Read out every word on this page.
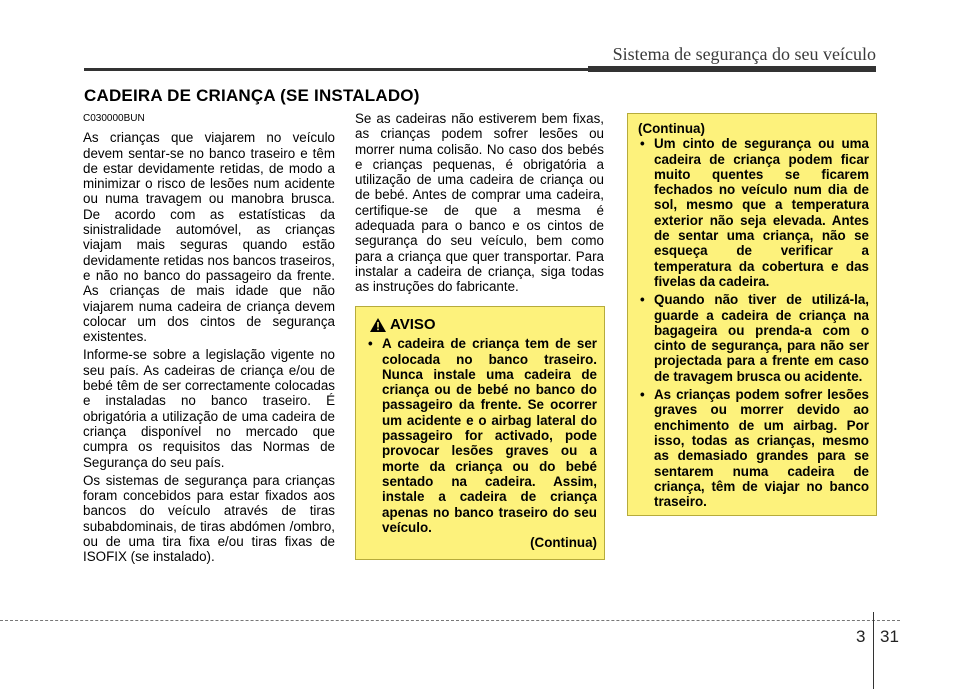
Sistema de segurança do seu veículo
CADEIRA DE CRIANÇA (SE INSTALADO)
C030000BUN

As crianças que viajarem no veículo devem sentar-se no banco traseiro e têm de estar devidamente retidas, de modo a minimizar o risco de lesões num acidente ou numa travagem ou manobra brusca. De acordo com as estatísticas da sinistralidade automóvel, as crianças viajam mais seguras quando estão devidamente retidas nos bancos traseiros, e não no banco do passageiro da frente. As crianças de mais idade que não viajarem numa cadeira de criança devem colocar um dos cintos de segurança existentes.

Informe-se sobre a legislação vigente no seu país. As cadeiras de criança e/ou de bebé têm de ser correctamente colocadas e instaladas no banco traseiro. É obrigatória a utilização de uma cadeira de criança disponível no mercado que cumpra os requisitos das Normas de Segurança do seu país.

Os sistemas de segurança para crianças foram concebidos para estar fixados aos bancos do veículo através de tiras subabdominais, de tiras abdómen /ombro, ou de uma tira fixa e/ou tiras fixas de ISOFIX (se instalado).

Se as cadeiras não estiverem bem fixas, as crianças podem sofrer lesões ou morrer numa colisão. No caso dos bebés e crianças pequenas, é obrigatória a utilização de uma cadeira de criança ou de bebé. Antes de comprar uma cadeira, certifique-se de que a mesma é adequada para o banco e os cintos de segurança do seu veículo, bem como para a criança que quer transportar. Para instalar a cadeira de criança, siga todas as instruções do fabricante.

AVISO
• A cadeira de criança tem de ser colocada no banco traseiro. Nunca instale uma cadeira de criança ou de bebé no banco do passageiro da frente. Se ocorrer um acidente e o airbag lateral do passageiro for activado, pode provocar lesões graves ou a morte da criança ou do bebé sentado na cadeira. Assim, instale a cadeira de criança apenas no banco traseiro do seu veículo.
(Continua)
(Continua)
• Um cinto de segurança ou uma cadeira de criança podem ficar muito quentes se ficarem fechados no veículo num dia de sol, mesmo que a temperatura exterior não seja elevada. Antes de sentar uma criança, não se esqueça de verificar a temperatura da cobertura e das fivelas da cadeira.
• Quando não tiver de utilizá-la, guarde a cadeira de criança na bagageira ou prenda-a com o cinto de segurança, para não ser projectada para a frente em caso de travagem brusca ou acidente.
• As crianças podem sofrer lesões graves ou morrer devido ao enchimento de um airbag. Por isso, todas as crianças, mesmo as demasiado grandes para se sentarem numa cadeira de criança, têm de viajar no banco traseiro.
3 31
